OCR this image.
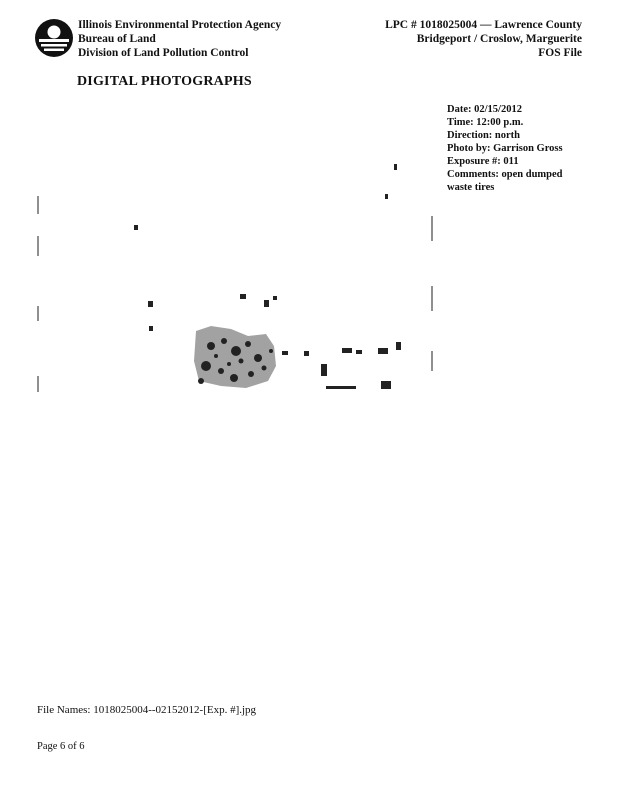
Illinois Environmental Protection Agency
Bureau of Land
Division of Land Pollution Control
LPC # 1018025004 — Lawrence County
Bridgeport / Croslow, Marguerite
FOS File
DIGITAL PHOTOGRAPHS
Date: 02/15/2012
Time: 12:00 p.m.
Direction: north
Photo by: Garrison Gross
Exposure #: 011
Comments: open dumped waste tires
File Names: 1018025004--02152012-[Exp. #].jpg
Page 6 of 6
